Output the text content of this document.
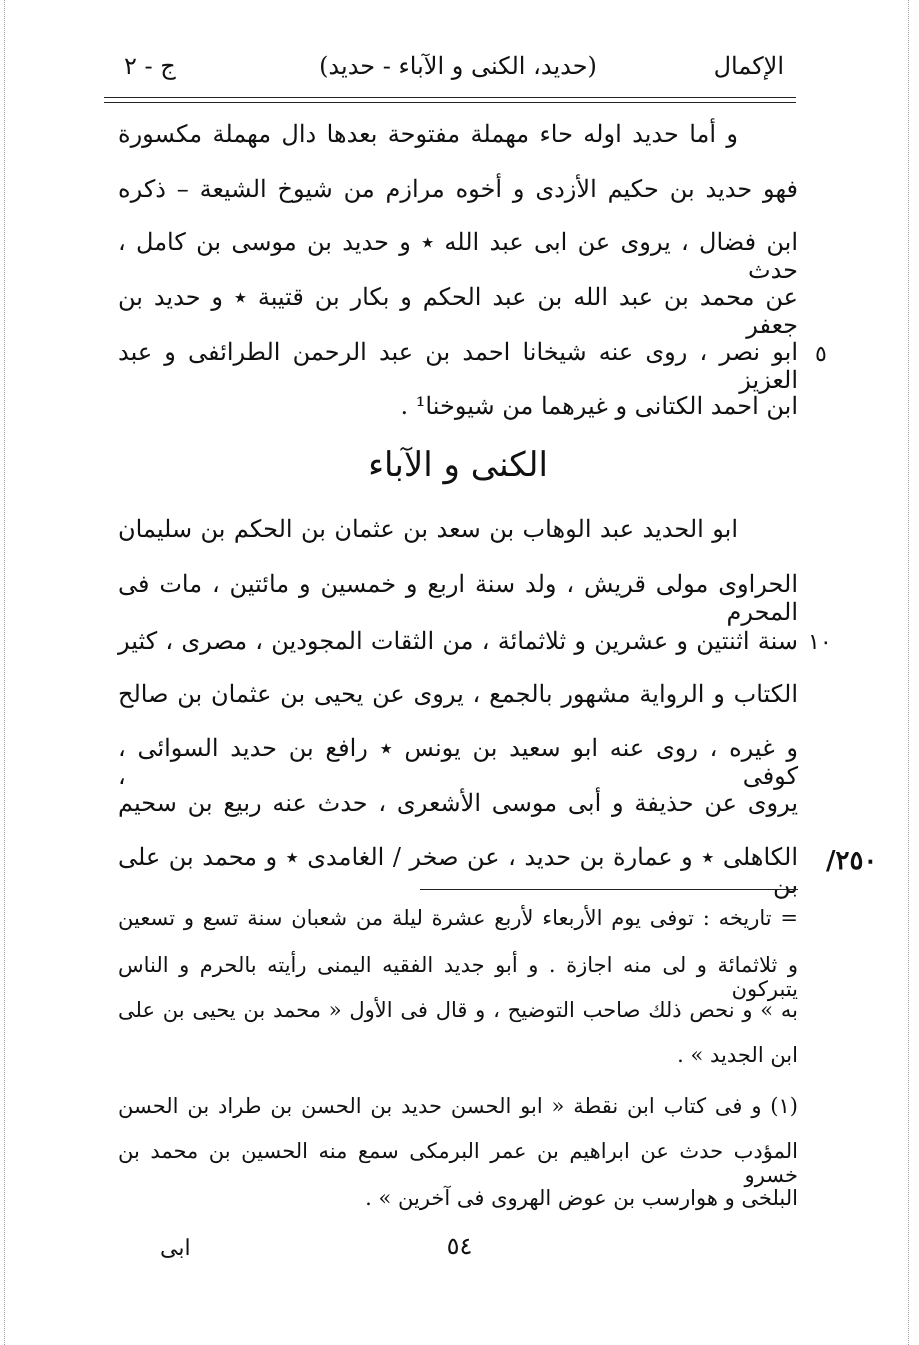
الإكمال
(حديد، الكنى و الآباء - حديد)
ج - ٢
و أما حديد اوله حاء مهملة مفتوحة بعدها دال مهملة مكسورة
فهو حديد بن حكيم الأزدى و أخوه مرازم من شيوخ الشيعة – ذكره
ابن فضال ، يروى عن ابى عبد الله ٭ و حديد بن موسى بن كامل ، حدث
عن محمد بن عبد الله بن عبد الحكم و بكار بن قتيبة ٭ و حديد بن جعفر
ابو نصر ، روى عنه شيخانا احمد بن عبد الرحمن الطرائفى و عبد العزيز
ابن احمد الكتانى و غيرهما من شيوخنا¹ .
٥
الكنى و الآباء
ابو الحديد عبد الوهاب بن سعد بن عثمان بن الحكم بن سليمان
الحراوى مولى قريش ، ولد سنة اربع و خمسين و مائتين ، مات فى المحرم
سنة اثنتين و عشرين و ثلاثمائة ، من الثقات المجودين ، مصرى ، كثير
الكتاب و الرواية مشهور بالجمع ، يروى عن يحيى بن عثمان بن صالح
و غيره ، روى عنه ابو سعيد بن يونس ٭ رافع بن حديد السوائى ، كوفى ،
يروى عن حذيفة و أبى موسى الأشعرى ، حدث عنه ربيع بن سحيم
الكاهلى ٭ و عمارة بن حديد ، عن صخر / الغامدى ٭ و محمد بن على بن
١٠
/٢٥٠
= تاريخه : توفى يوم الأربعاء لأربع عشرة ليلة من شعبان سنة تسع و تسعين
و ثلاثمائة و لى منه اجازة . و أبو جديد الفقيه اليمنى رأيته بالحرم و الناس يتبركون
به » و نحص ذلك صاحب التوضيح ، و قال فى الأول « محمد بن يحيى بن على
ابن الجديد » .
(١) و فى كتاب ابن نقطة « ابو الحسن حديد بن الحسن بن طراد بن الحسن
المؤدب حدث عن ابراهيم بن عمر البرمكى سمع منه الحسين بن محمد بن خسرو
البلخى و هوارسب بن عوض الهروى فى آخرين » .
٥٤
ابى
